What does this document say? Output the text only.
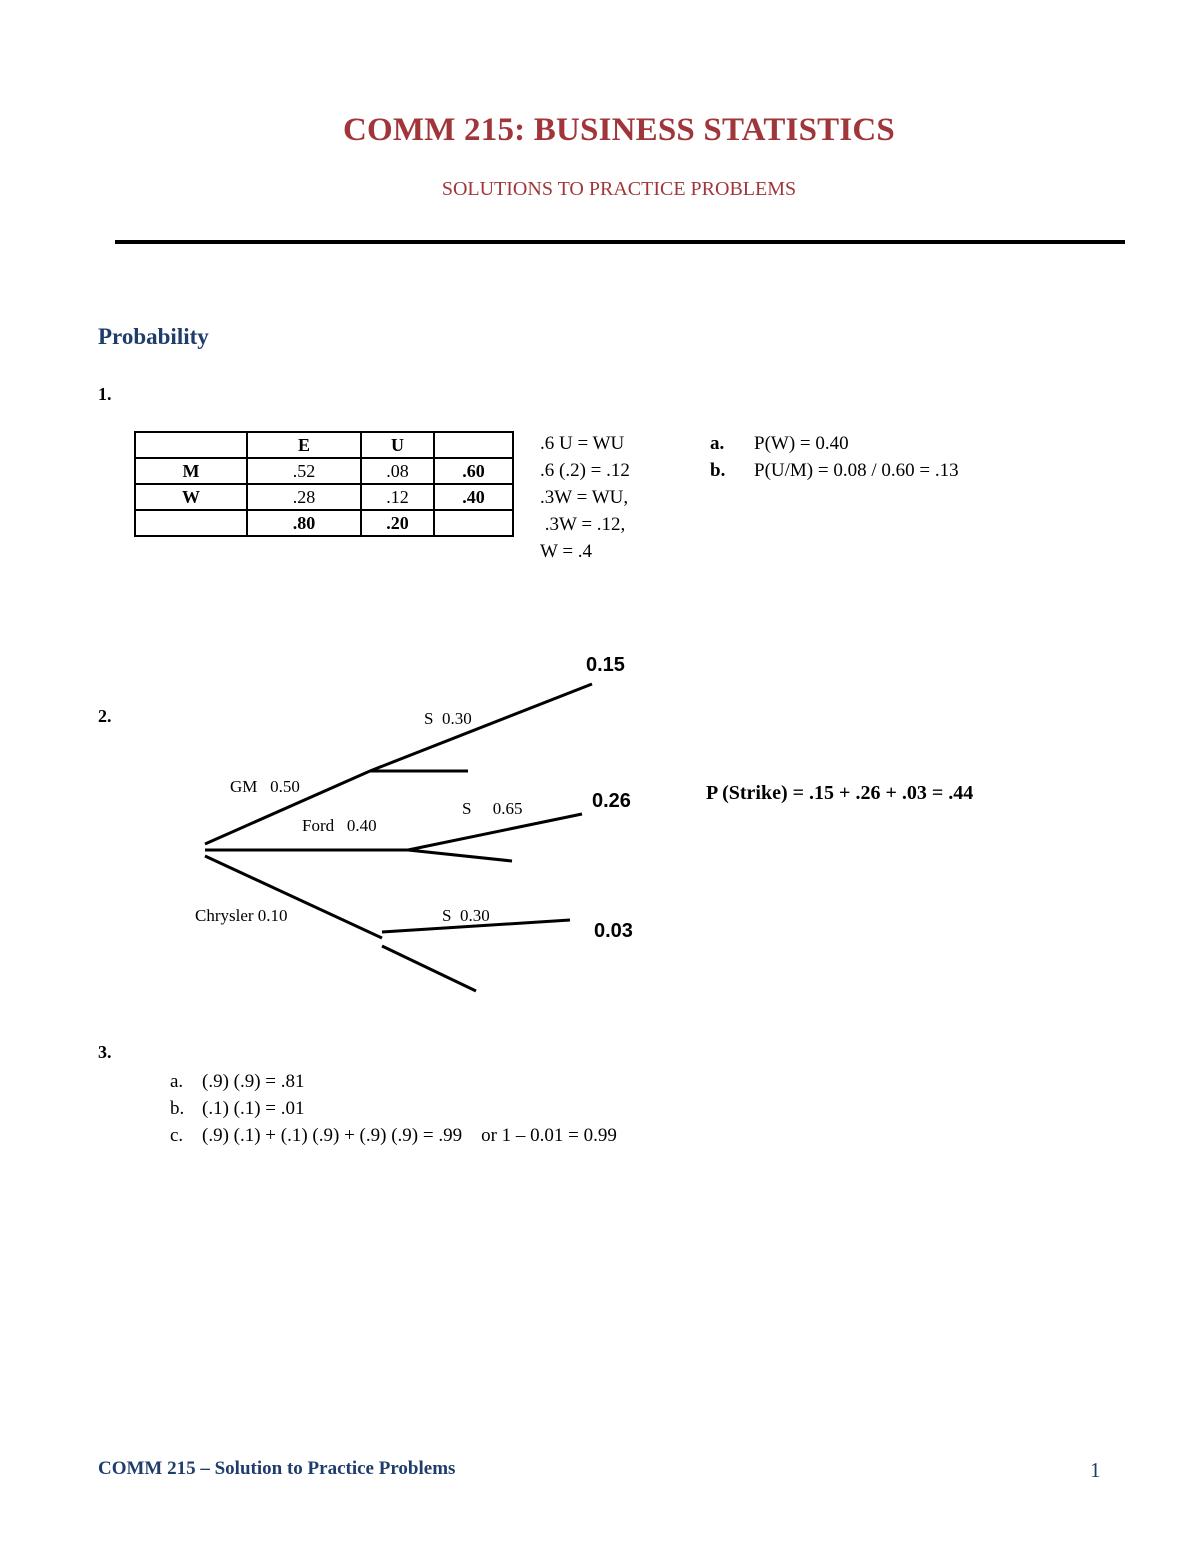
COMM 215: BUSINESS STATISTICS
SOLUTIONS TO PRACTICE PROBLEMS
Probability
1.
	E	U	
M	.52	.08	.60
W	.28	.12	.40
	.80	.20	
.6 U = WU
.6 (.2) = .12
.3W = WU,
.3W = .12,
W = .4
a. P(W) = 0.40
b. P(U/M) = 0.08 / 0.60 = .13
2.
GM   0.50
Ford   0.40
Chrysler 0.10
S  0.30
S     0.65
S  0.30
0.15
0.26
0.03
P (Strike) = .15 + .26 + .03 = .44
3.
a. (.9) (.9) = .81
b. (.1) (.1) = .01
c. (.9) (.1) + (.1) (.9) + (.9) (.9) = .99    or 1 – 0.01 = 0.99
COMM 215 – Solution to Practice Problems	1
